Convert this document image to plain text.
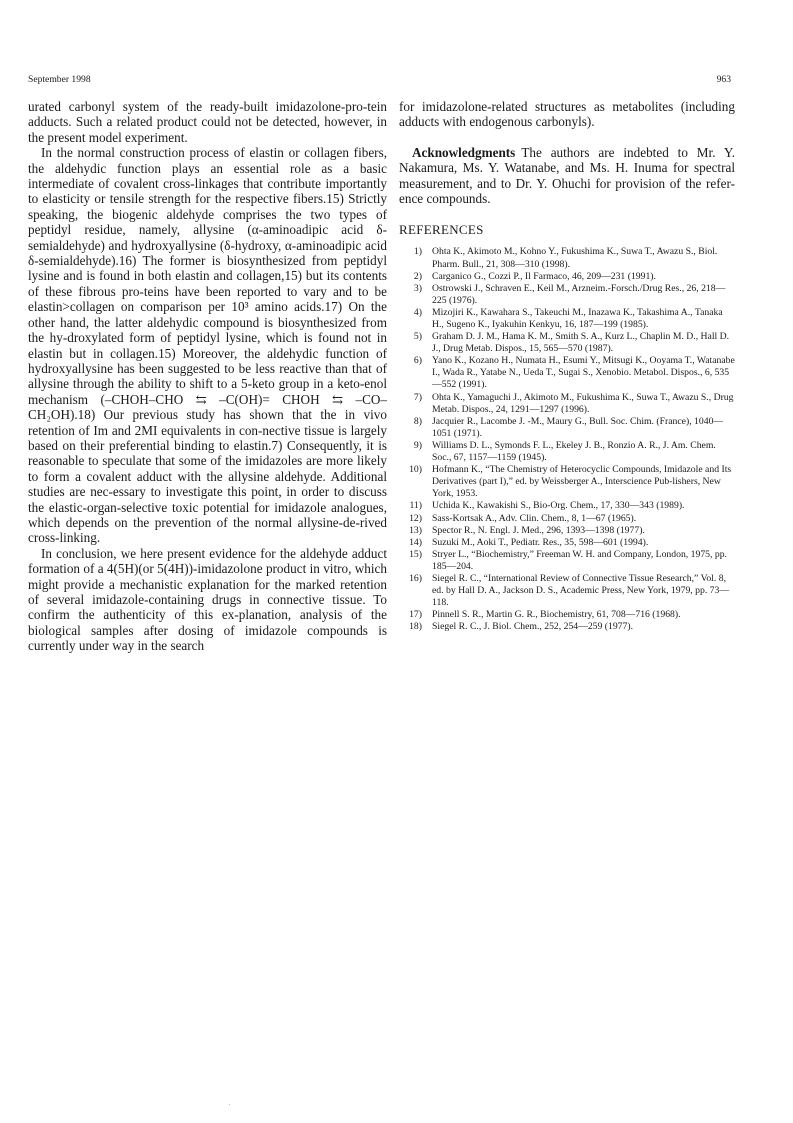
September 1998	963

urated carbonyl system of the ready-built imidazolone-pro-tein adducts. Such a related product could not be detected, however, in the present model experiment.

In the normal construction process of elastin or collagen fibers, the aldehydic function plays an essential role as a basic intermediate of covalent cross-linkages that contribute importantly to elasticity or tensile strength for the respective fibers.15) Strictly speaking, the biogenic aldehyde comprises the two types of peptidyl residue, namely, allysine (α-aminoadipic acid δ-semialdehyde) and hydroxyallysine (δ-hydroxy, α-aminoadipic acid δ-semialdehyde).16) The former is biosynthesized from peptidyl lysine and is found in both elastin and collagen,15) but its contents of these fibrous pro-teins have been reported to vary and to be elastin>collagen on comparison per 10³ amino acids.17) On the other hand, the latter aldehydic compound is biosynthesized from the hy-droxylated form of peptidyl lysine, which is found not in elastin but in collagen.15) Moreover, the aldehydic function of hydroxyallysine has been suggested to be less reactive than that of allysine through the ability to shift to a 5-keto group in a keto-enol mechanism (–CHOH–CHO ⇆ –C(OH)= CHOH ⇆ –CO–CH₂OH).18) Our previous study has shown that the in vivo retention of Im and 2MI equivalents in con-nective tissue is largely based on their preferential binding to elastin.7) Consequently, it is reasonable to speculate that some of the imidazoles are more likely to form a covalent adduct with the allysine aldehyde. Additional studies are nec-essary to investigate this point, in order to discuss the elastic-organ-selective toxic potential for imidazole analogues, which depends on the prevention of the normal allysine-de-rived cross-linking.

In conclusion, we here present evidence for the aldehyde adduct formation of a 4(5H)(or 5(4H))-imidazolone product in vitro, which might provide a mechanistic explanation for the marked retention of several imidazole-containing drugs in connective tissue. To confirm the authenticity of this ex-planation, analysis of the biological samples after dosing of imidazole compounds is currently under way in the search

for imidazolone-related structures as metabolites (including adducts with endogenous carbonyls).

Acknowledgments The authors are indebted to Mr. Y. Nakamura, Ms. Y. Watanabe, and Ms. H. Inuma for spectral measurement, and to Dr. Y. Ohuchi for provision of the refer-ence compounds.

REFERENCES
1)	Ohta K., Akimoto M., Kohno Y., Fukushima K., Suwa T., Awazu S., Biol. Pharm. Bull., 21, 308—310 (1998).
2)	Carganico G., Cozzi P., Il Farmaco, 46, 209—231 (1991).
3)	Ostrowski J., Schraven E., Keil M., Arzneim.-Forsch./Drug Res., 26, 218—225 (1976).
4)	Mizojiri K., Kawahara S., Takeuchi M., Inazawa K., Takashima A., Tanaka H., Sugeno K., Iyakuhin Kenkyu, 16, 187—199 (1985).
5)	Graham D. J. M., Hama K. M., Smith S. A., Kurz L., Chaplin M. D., Hall D. J., Drug Metab. Dispos., 15, 565—570 (1987).
6)	Yano K., Kozano H., Numata H., Esumi Y., Mitsugi K., Ooyama T., Watanabe I., Wada R., Yatabe N., Ueda T., Sugai S., Xenobio. Metabol. Dispos., 6, 535—552 (1991).
7)	Ohta K., Yamaguchi J., Akimoto M., Fukushima K., Suwa T., Awazu S., Drug Metab. Dispos., 24, 1291—1297 (1996).
8)	Jacquier R., Lacombe J. -M., Maury G., Bull. Soc. Chim. (France), 1040—1051 (1971).
9)	Williams D. L., Symonds F. L., Ekeley J. B., Ronzio A. R., J. Am. Chem. Soc., 67, 1157—1159 (1945).
10)	Hofmann K., “The Chemistry of Heterocyclic Compounds, Imidazole and Its Derivatives (part I),” ed. by Weissberger A., Interscience Pub-lishers, New York, 1953.
11)	Uchida K., Kawakishi S., Bio-Org. Chem., 17, 330—343 (1989).
12)	Sass-Kortsak A., Adv. Clin. Chem., 8, 1—67 (1965).
13)	Spector R., N. Engl. J. Med., 296, 1393—1398 (1977).
14)	Suzuki M., Aoki T., Pediatr. Res., 35, 598—601 (1994).
15)	Stryer L., “Biochemistry,” Freeman W. H. and Company, London, 1975, pp. 185—204.
16)	Siegel R. C., “International Review of Connective Tissue Research,” Vol. 8, ed. by Hall D. A., Jackson D. S., Academic Press, New York, 1979, pp. 73—118.
17)	Pinnell S. R., Martin G. R., Biochemistry, 61, 708—716 (1968).
18)	Siegel R. C., J. Biol. Chem., 252, 254—259 (1977).
